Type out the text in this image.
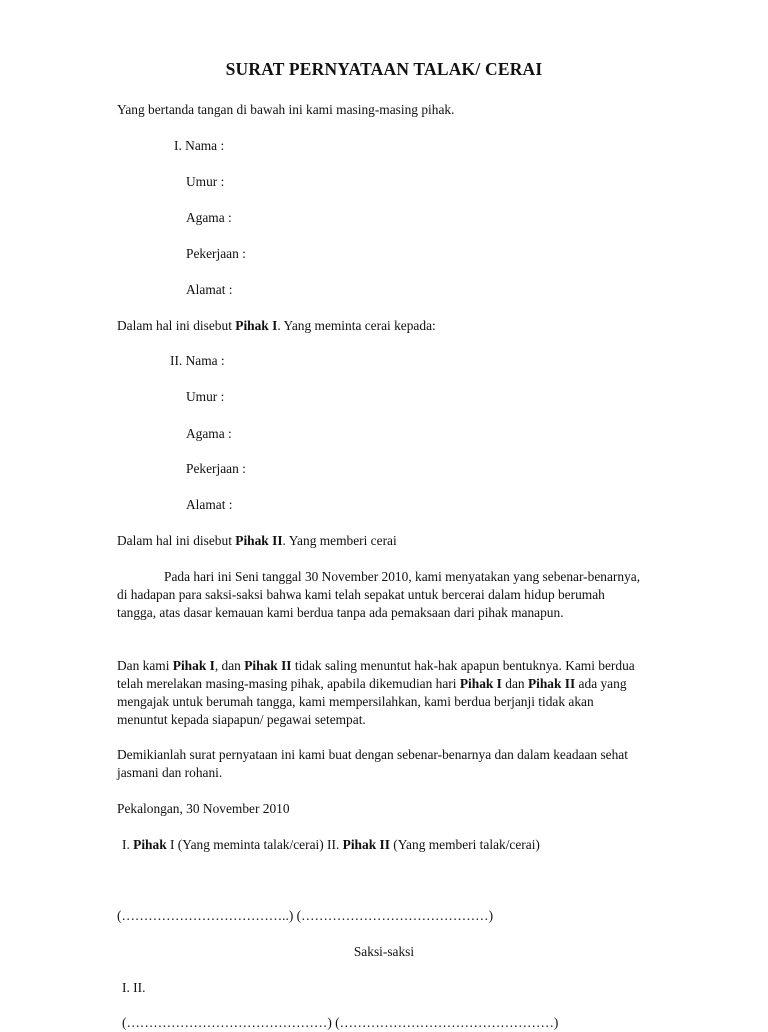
SURAT PERNYATAAN TALAK/ CERAI
Yang bertanda tangan di bawah ini kami masing-masing pihak.
I. Nama :
Umur :
Agama :
Pekerjaan :
Alamat :
Dalam hal ini disebut Pihak I. Yang meminta cerai kepada:
II. Nama :
Umur :
Agama :
Pekerjaan :
Alamat :
Dalam hal ini disebut Pihak II. Yang memberi cerai
Pada hari ini Seni tanggal 30 November 2010, kami menyatakan yang sebenar-benarnya, di hadapan para saksi-saksi bahwa kami telah sepakat untuk bercerai dalam hidup berumah tangga, atas dasar kemauan kami berdua tanpa ada pemaksaan dari pihak manapun.
Dan kami Pihak I, dan Pihak II tidak saling menuntut hak-hak apapun bentuknya. Kami berdua telah merelakan masing-masing pihak, apabila dikemudian hari Pihak I dan Pihak II ada yang mengajak untuk berumah tangga, kami mempersilahkan, kami berdua berjanji tidak akan menuntut kepada siapapun/ pegawai setempat.
Demikianlah surat pernyataan ini kami buat dengan sebenar-benarnya dan dalam keadaan sehat jasmani dan rohani.
Pekalongan, 30 November 2010
I. Pihak I (Yang meminta talak/cerai) II. Pihak II (Yang memberi talak/cerai)
(………………………………..) (……………………………………)
Saksi-saksi
I. II.
(………………………………………) (…………………………………………)
